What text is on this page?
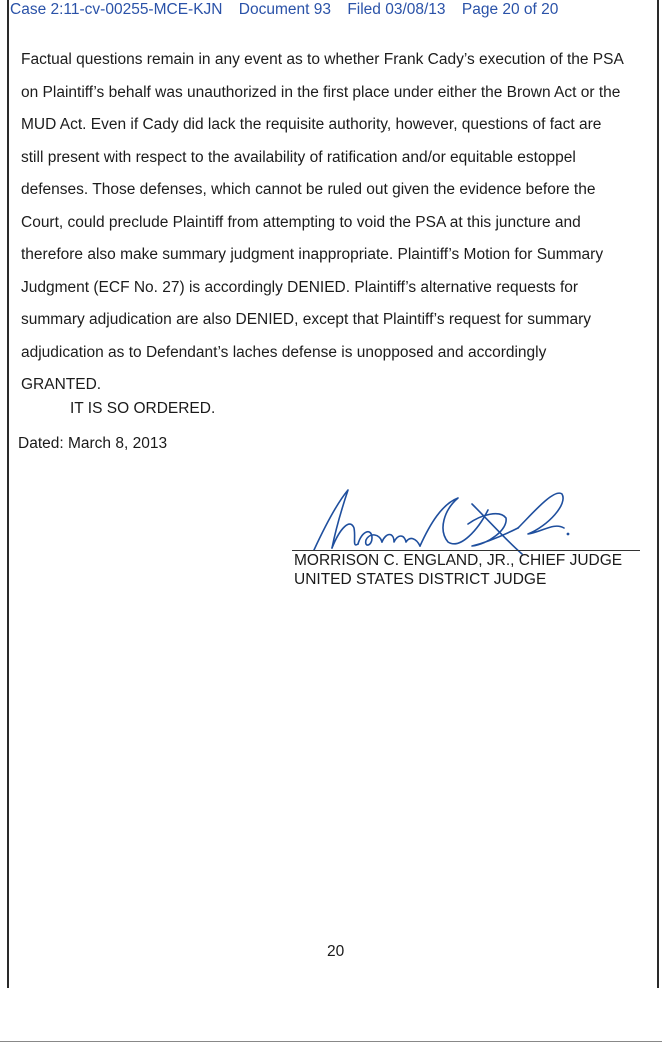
Case 2:11-cv-00255-MCE-KJN Document 93 Filed 03/08/13 Page 20 of 20

Factual questions remain in any event as to whether Frank Cady’s execution of the PSA

on Plaintiff’s behalf was unauthorized in the first place under either the Brown Act or the

MUD Act. Even if Cady did lack the requisite authority, however, questions of fact are

still present with respect to the availability of ratification and/or equitable estoppel

defenses. Those defenses, which cannot be ruled out given the evidence before the

Court, could preclude Plaintiff from attempting to void the PSA at this juncture and

therefore also make summary judgment inappropriate. Plaintiff’s Motion for Summary

Judgment (ECF No. 27) is accordingly DENIED. Plaintiff’s alternative requests for

summary adjudication are also DENIED, except that Plaintiff’s request for summary

adjudication as to Defendant’s laches defense is unopposed and accordingly

GRANTED.

IT IS SO ORDERED.
Dated: March 8, 2013
MORRISON C. ENGLAND, JR., CHIEF JUDGE
UNITED STATES DISTRICT JUDGE
20
